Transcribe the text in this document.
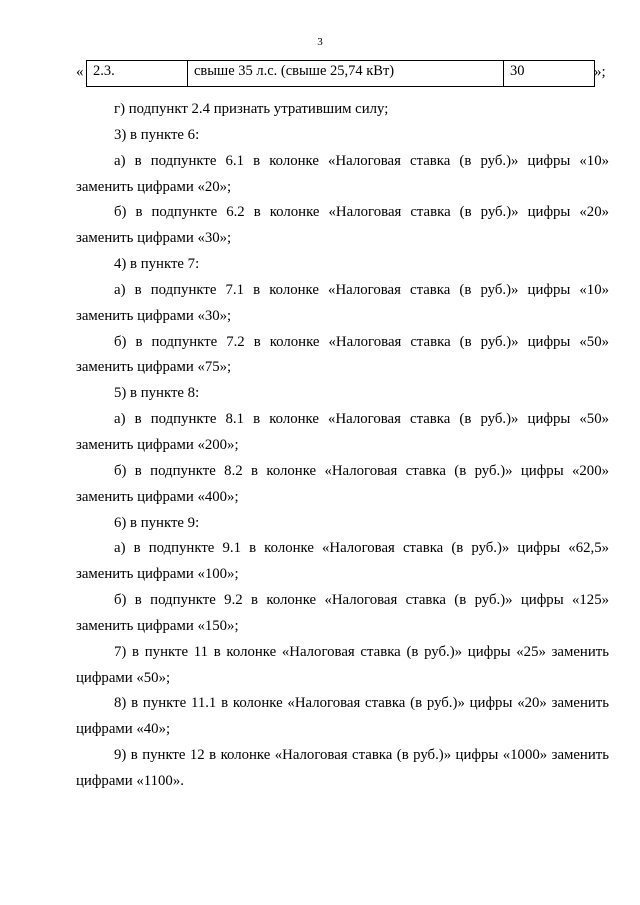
3
« 2.3.	свыше 35 л.с. (свыше 25,74 кВт)	30	»;

г) подпункт 2.4 признать утратившим силу;

3) в пункте 6:

а) в подпункте 6.1 в колонке «Налоговая ставка (в руб.)» цифры «10» заменить цифрами «20»;

б) в подпункте 6.2 в колонке «Налоговая ставка (в руб.)» цифры «20» заменить цифрами «30»;

4) в пункте 7:

а) в подпункте 7.1 в колонке «Налоговая ставка (в руб.)» цифры «10» заменить цифрами «30»;

б) в подпункте 7.2 в колонке «Налоговая ставка (в руб.)» цифры «50» заменить цифрами «75»;

5) в пункте 8:

а) в подпункте 8.1 в колонке «Налоговая ставка (в руб.)» цифры «50» заменить цифрами «200»;

б) в подпункте 8.2 в колонке «Налоговая ставка (в руб.)» цифры «200» заменить цифрами «400»;

6) в пункте 9:

а) в подпункте 9.1 в колонке «Налоговая ставка (в руб.)» цифры «62,5» заменить цифрами «100»;

б) в подпункте 9.2 в колонке «Налоговая ставка (в руб.)» цифры «125» заменить цифрами «150»;

7) в пункте 11 в колонке «Налоговая ставка (в руб.)» цифры «25» заменить цифрами «50»;

8) в пункте 11.1 в колонке «Налоговая ставка (в руб.)» цифры «20» заменить цифрами «40»;

9) в пункте 12 в колонке «Налоговая ставка (в руб.)» цифры «1000» заменить цифрами «1100».
